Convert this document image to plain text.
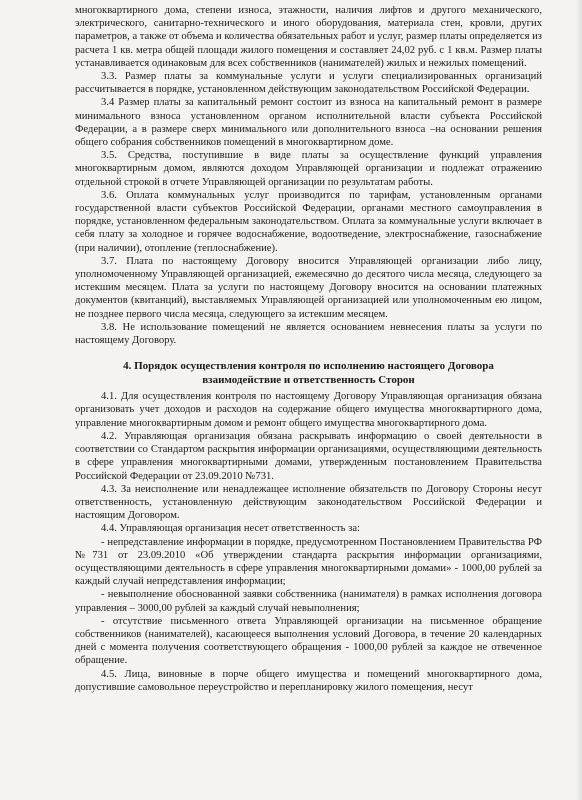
многоквартирного дома, степени износа, этажности, наличия лифтов и другого механического, электрического, санитарно-технического и иного оборудования, материала стен, кровли, других параметров, а также от объема и количества обязательных работ и услуг, размер платы определяется из расчета 1 кв. метра общей площади жилого помещения и составляет 24,02 руб. с 1 кв.м. Размер платы устанавливается одинаковым для всех собственников (нанимателей) жилых и нежилых помещений.

3.3. Размер платы за коммунальные услуги и услуги специализированных организаций рассчитывается в порядке, установленном действующим законодательством Российской Федерации.

3.4 Размер платы за капитальный ремонт состоит из взноса на капитальный ремонт в размере минимального взноса установленном органом исполнительной власти субъекта Российской Федерации, а в размере сверх минимального или дополнительного взноса –на основании решения общего собрания собственников помещений в многоквартирном доме.

3.5. Средства, поступившие в виде платы за осуществление функций управления многоквартирным домом, являются доходом Управляющей организации и подлежат отражению отдельной строкой в отчете Управляющей организации по результатам работы.

3.6. Оплата коммунальных услуг производится по тарифам, установленным органами государственной власти субъектов Российской Федерации, органами местного самоуправления в порядке, установленном федеральным законодательством. Оплата за коммунальные услуги включает в себя плату за холодное и горячее водоснабжение, водоотведение, электроснабжение, газоснабжение (при наличии), отопление (теплоснабжение).

3.7. Плата по настоящему Договору вносится Управляющей организации либо лицу, уполномоченному Управляющей организацией, ежемесячно до десятого числа месяца, следующего за истекшим месяцем. Плата за услуги по настоящему Договору вносится на основании платежных документов (квитанций), выставляемых Управляющей организацией или уполномоченным ею лицом, не позднее первого числа месяца, следующего за истекшим месяцем.

3.8. Не использование помещений не является основанием невнесения платы за услуги по настоящему Договору.

4. Порядок осуществления контроля по исполнению настоящего Договора
взаимодействие и ответственность Сторон

4.1. Для осуществления контроля по настоящему Договору Управляющая организация обязана организовать учет доходов и расходов на содержание общего имущества многоквартирного дома, управление многоквартирным домом и ремонт общего имущества многоквартирного дома.

4.2. Управляющая организация обязана раскрывать информацию о своей деятельности в соответствии со Стандартом раскрытия информации организациями, осуществляющими деятельность в сфере управления многоквартирными домами, утвержденным постановлением Правительства Российской Федерации от 23.09.2010 №731.

4.3. За неисполнение или ненадлежащее исполнение обязательств по Договору Стороны несут ответственность, установленную действующим законодательством Российской Федерации и настоящим Договором.

4.4. Управляющая организация несет ответственность за:

- непредставление информации в порядке, предусмотренном Постановлением Правительства РФ №731 от 23.09.2010 «Об утверждении стандарта раскрытия информации организациями, осуществляющими деятельность в сфере управления многоквартирными домами» - 1000,00 рублей за каждый случай непредставления информации;

- невыполнение обоснованной заявки собственника (нанимателя) в рамках исполнения договора управления – 3000,00 рублей за каждый случай невыполнения;

- отсутствие письменного ответа Управляющей организации на письменное обращение собственников (нанимателей), касающееся выполнения условий Договора, в течение 20 календарных дней с момента получения соответствующего обращения - 1000,00 рублей за каждое не отвеченное обращение.

4.5. Лица, виновные в порче общего имущества и помещений многоквартирного дома, допустившие самовольное переустройство и перепланировку жилого помещения, несут
